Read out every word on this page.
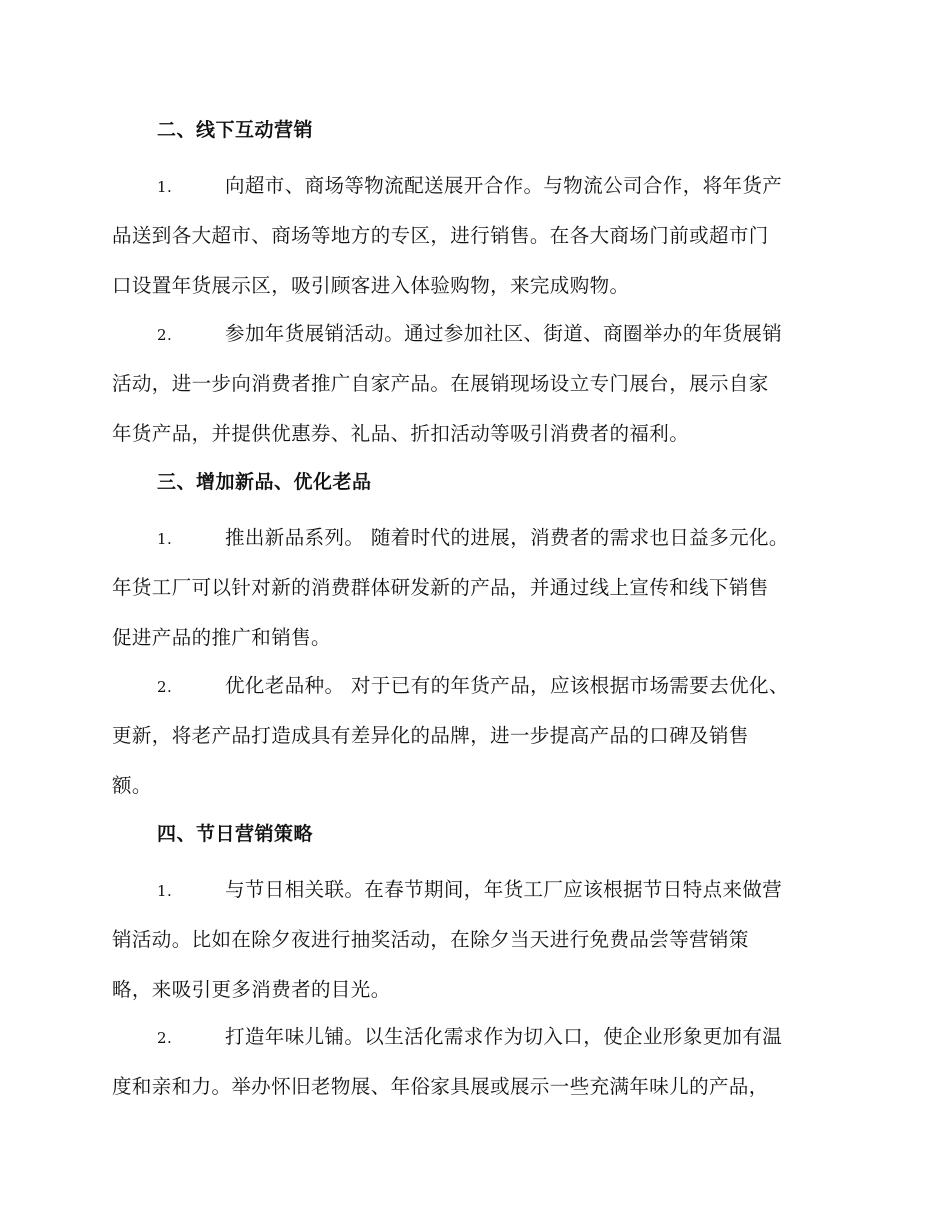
二、线下互动营销
1.	向超市、商场等物流配送展开合作。与物流公司合作，将年货产
品送到各大超市、商场等地方的专区，进行销售。在各大商场门前或超市门
口设置年货展示区，吸引顾客进入体验购物，来完成购物。
2.	参加年货展销活动。通过参加社区、街道、商圈举办的年货展销
活动，进一步向消费者推广自家产品。在展销现场设立专门展台，展示自家
年货产品，并提供优惠券、礼品、折扣活动等吸引消费者的福利。
三、增加新品、优化老品
1.	推出新品系列。 随着时代的进展，消费者的需求也日益多元化。
年货工厂可以针对新的消费群体研发新的产品，并通过线上宣传和线下销售
促进产品的推广和销售。
2.	优化老品种。 对于已有的年货产品，应该根据市场需要去优化、
更新，将老产品打造成具有差异化的品牌，进一步提高产品的口碑及销售
额。
四、节日营销策略
1.	与节日相关联。在春节期间，年货工厂应该根据节日特点来做营
销活动。比如在除夕夜进行抽奖活动，在除夕当天进行免费品尝等营销策
略，来吸引更多消费者的目光。
2.	打造年味儿铺。以生活化需求作为切入口，使企业形象更加有温
度和亲和力。举办怀旧老物展、年俗家具展或展示一些充满年味儿的产品，
